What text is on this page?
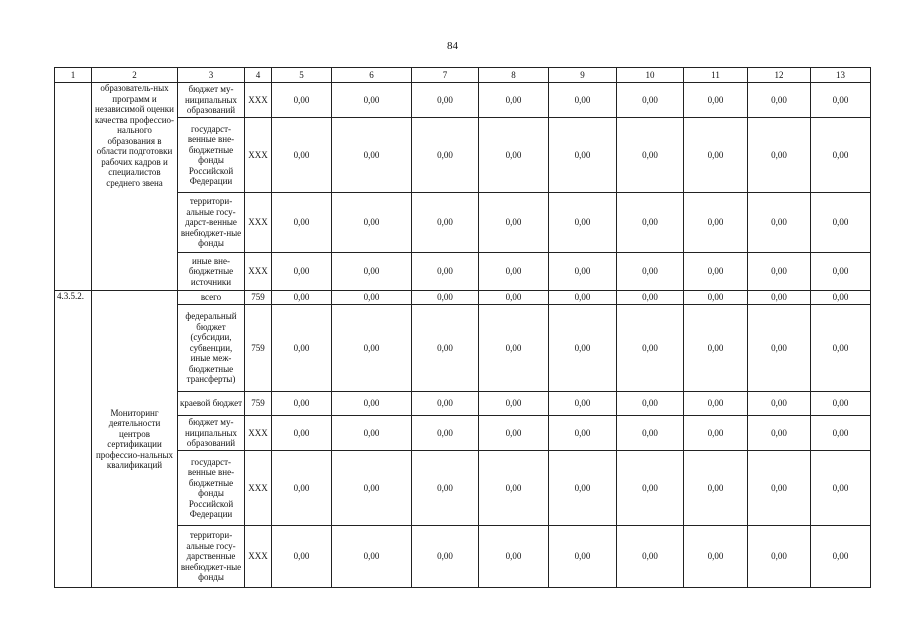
84
1	2	3	4	5	6	7	8	9	10	11	12	13
	образователь-ных программ и независимой оценки качества профессио-нального образования в области подготовки рабочих кадров и специалистов среднего звена	бюджет му-ниципальных образований	XXX	0,00	0,00	0,00	0,00	0,00	0,00	0,00	0,00	0,00
		государст-венные вне-бюджетные фонды Российской Федерации	XXX	0,00	0,00	0,00	0,00	0,00	0,00	0,00	0,00	0,00
		территори-альные госу-дарст-венные внебюджет-ные фонды	XXX	0,00	0,00	0,00	0,00	0,00	0,00	0,00	0,00	0,00
		иные вне-бюджетные источники	XXX	0,00	0,00	0,00	0,00	0,00	0,00	0,00	0,00	0,00
4.3.5.2.	Мониторинг деятельности центров сертификации профессио-нальных квалификаций	всего	759	0,00	0,00	0,00	0,00	0,00	0,00	0,00	0,00	0,00
		федеральный бюджет (субсидии, субвенции, иные меж-бюджетные трансферты)	759	0,00	0,00	0,00	0,00	0,00	0,00	0,00	0,00	0,00
		краевой бюджет	759	0,00	0,00	0,00	0,00	0,00	0,00	0,00	0,00	0,00
		бюджет му-ниципальных образований	XXX	0,00	0,00	0,00	0,00	0,00	0,00	0,00	0,00	0,00
		государст-венные вне-бюджетные фонды Российской Федерации	XXX	0,00	0,00	0,00	0,00	0,00	0,00	0,00	0,00	0,00
		территори-альные госу-дарственные внебюджет-ные фонды	XXX	0,00	0,00	0,00	0,00	0,00	0,00	0,00	0,00	0,00
